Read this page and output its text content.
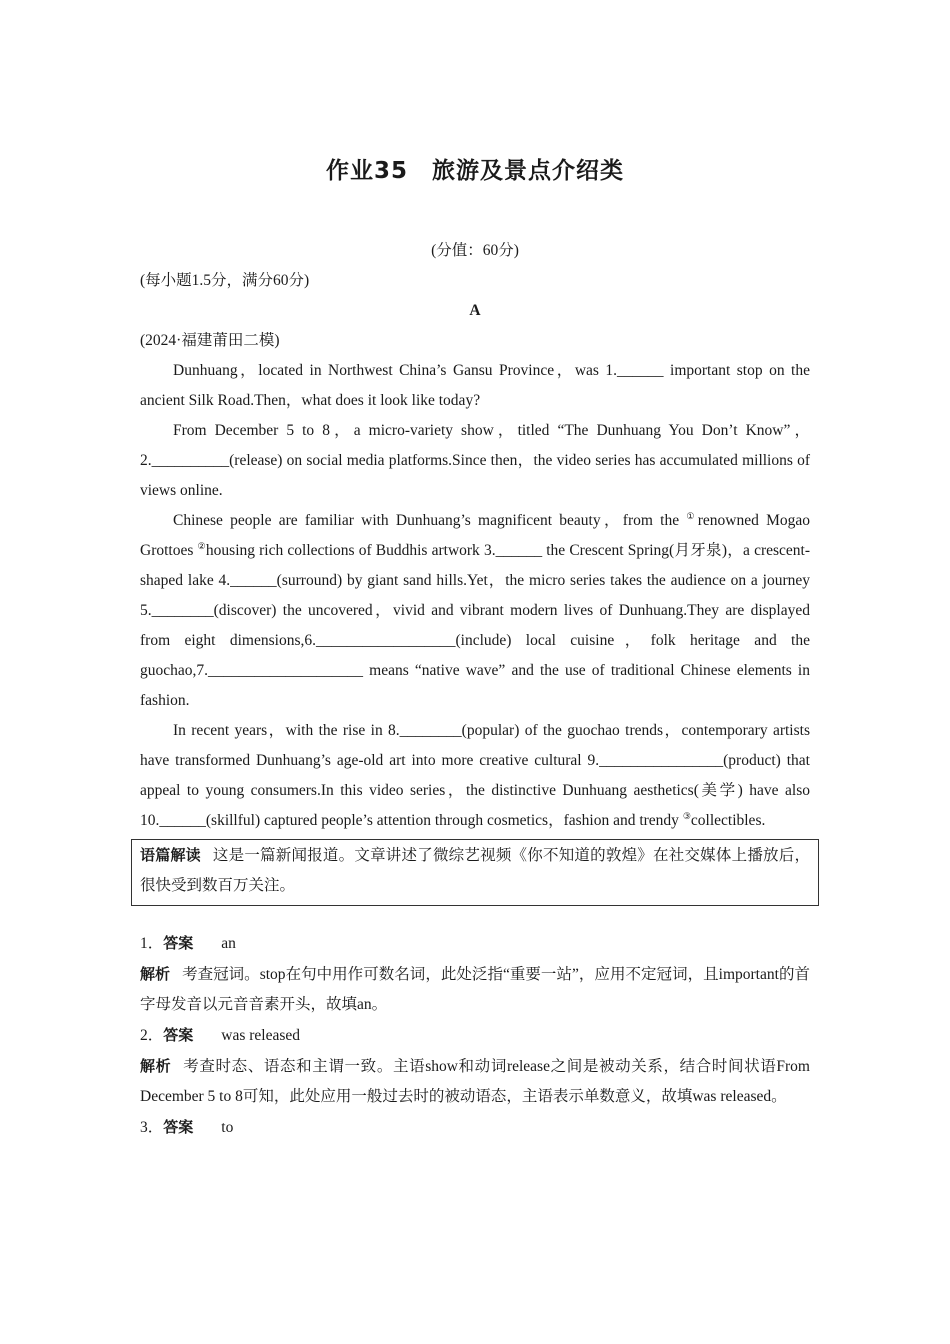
作业35　旅游及景点介绍类

(分值：60分)

(每小题1.5分，满分60分)

A

(2024·福建莆田二模)

Dunhuang，located in Northwest China’s Gansu Province，was 1.______ important stop on the ancient Silk Road.Then，what does it look like today?

From December 5 to 8，a micro-variety show，titled “The Dunhuang You Don’t Know”，2.__________(release) on social media platforms.Since then，the video series has accumulated millions of views online.

Chinese people are familiar with Dunhuang’s magnificent beauty，from the ①renowned Mogao Grottoes ②housing rich collections of Buddhis artwork 3.______ the Crescent Spring(月牙泉)，a crescent-shaped lake 4.______(surround) by giant sand hills.Yet，the micro series takes the audience on a journey 5.________(discover) the uncovered，vivid and vibrant modern lives of Dunhuang.They are displayed from eight dimensions,6.__________________(include) local cuisine，folk heritage and the guochao,7.____________________ means “native wave” and the use of traditional Chinese elements in fashion.

In recent years，with the rise in 8.________(popular) of the guochao trends，contemporary artists have transformed Dunhuang’s age-old art into more creative cultural 9.________________(product) that appeal to young consumers.In this video series，the distinctive Dunhuang aesthetics(美学) have also 10.______(skillful) captured people’s attention through cosmetics，fashion and trendy ③collectibles.

语篇解读 这是一篇新闻报道。文章讲述了微综艺视频《你不知道的敦煌》在社交媒体上播放后，很快受到数百万关注。

1．答案 an

解析 考查冠词。stop在句中用作可数名词，此处泛指“重要一站”，应用不定冠词，且important的首字母发音以元音音素开头，故填an。

2．答案 was released

解析 考查时态、语态和主谓一致。主语show和动词release之间是被动关系，结合时间状语From December 5 to 8可知，此处应用一般过去时的被动语态，主语表示单数意义，故填was released。

3．答案 to
